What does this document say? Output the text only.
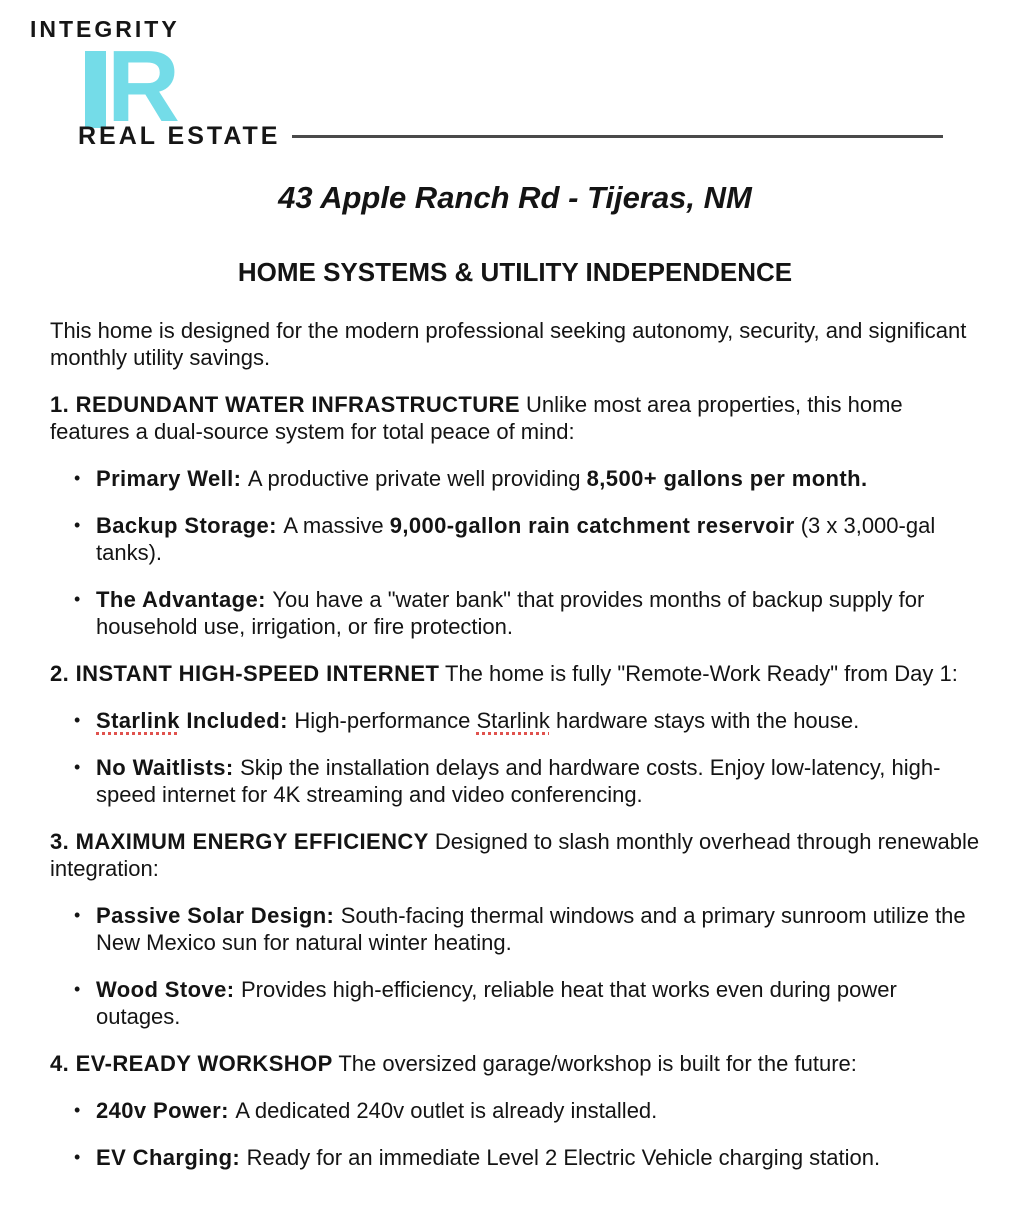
INTEGRITY
R
REAL ESTATE
43 Apple Ranch Rd - Tijeras, NM
HOME SYSTEMS & UTILITY INDEPENDENCE

This home is designed for the modern professional seeking autonomy, security, and significant monthly utility savings.

1. REDUNDANT WATER INFRASTRUCTURE Unlike most area properties, this home features a dual-source system for total peace of mind:

• Primary Well: A productive private well providing 8,500+ gallons per month.
• Backup Storage: A massive 9,000-gallon rain catchment reservoir (3 x 3,000-gal tanks).
• The Advantage: You have a "water bank" that provides months of backup supply for household use, irrigation, or fire protection.

2. INSTANT HIGH-SPEED INTERNET The home is fully "Remote-Work Ready" from Day 1:

• Starlink Included: High-performance Starlink hardware stays with the house.
• No Waitlists: Skip the installation delays and hardware costs. Enjoy low-latency, high-speed internet for 4K streaming and video conferencing.

3. MAXIMUM ENERGY EFFICIENCY Designed to slash monthly overhead through renewable integration:

• Passive Solar Design: South-facing thermal windows and a primary sunroom utilize the New Mexico sun for natural winter heating.
• Wood Stove: Provides high-efficiency, reliable heat that works even during power outages.

4. EV-READY WORKSHOP The oversized garage/workshop is built for the future:

• 240v Power: A dedicated 240v outlet is already installed.
• EV Charging: Ready for an immediate Level 2 Electric Vehicle charging station.
